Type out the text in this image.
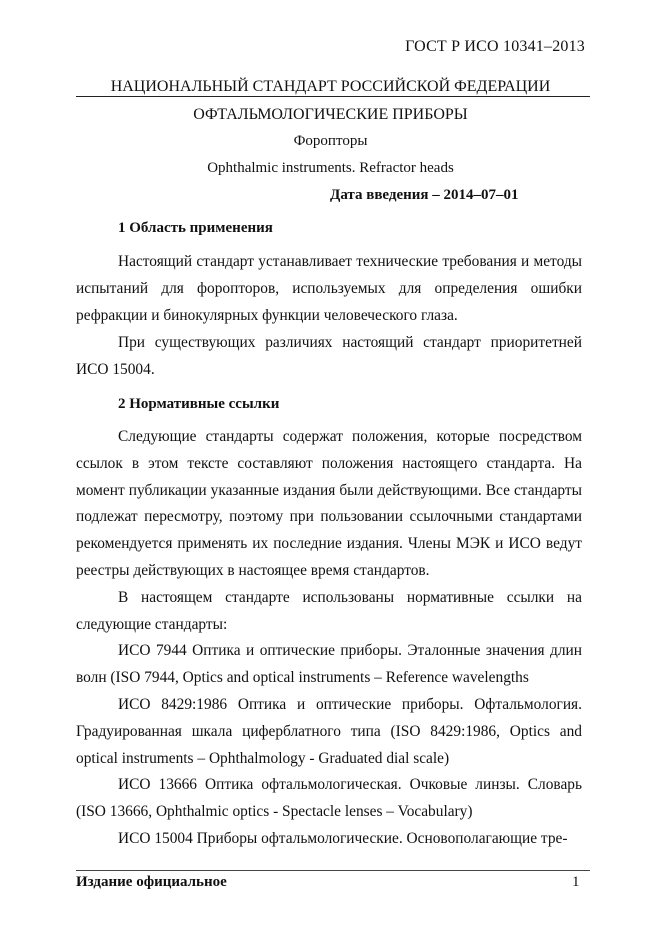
ГОСТ Р ИСО 10341–2013
НАЦИОНАЛЬНЫЙ СТАНДАРТ РОССИЙСКОЙ ФЕДЕРАЦИИ
ОФТАЛЬМОЛОГИЧЕСКИЕ ПРИБОРЫ
Форопторы
Ophthalmic instruments. Refractor heads
Дата введения – 2014–07–01
1 Область применения

Настоящий стандарт устанавливает технические требования и методы испытаний для форопторов, используемых для определения ошибки рефракции и бинокулярных функции человеческого глаза.

При существующих различиях настоящий стандарт приоритетней ИСО 15004.

2 Нормативные ссылки

Следующие стандарты содержат положения, которые посредством ссылок в этом тексте составляют положения настоящего стандарта. На момент публикации указанные издания были действующими. Все стандарты подлежат пересмотру, поэтому при пользовании ссылочными стандартами рекомендуется применять их последние издания. Члены МЭК и ИСО ведут реестры действующих в настоящее время стандартов.

В настоящем стандарте использованы нормативные ссылки на следующие стандарты:

ИСО 7944 Оптика и оптические приборы. Эталонные значения длин волн (ISO 7944, Optics and optical instruments – Reference wavelengths

ИСО 8429:1986 Оптика и оптические приборы. Офтальмология. Градуированная шкала циферблатного типа (ISO 8429:1986, Optics and optical instruments – Ophthalmology - Graduated dial scale)

ИСО 13666 Оптика офтальмологическая. Очковые линзы. Словарь (ISO 13666, Ophthalmic optics - Spectacle lenses – Vocabulary)

ИСО 15004 Приборы офтальмологические. Основополагающие тре-

Издание официальное	1
